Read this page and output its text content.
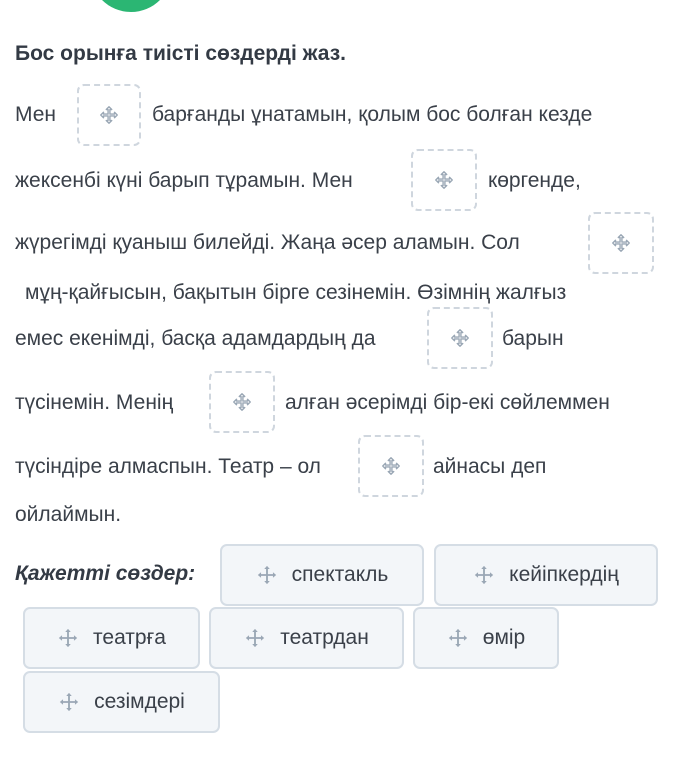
Бос орынға тиісті сөздерді жаз.
Мен	барғанды ұнатамын, қолым бос болған кезде
жексенбі күні барып тұрамын. Мен	көргенде,
жүрегімді қуаныш билейді. Жаңа әсер аламын. Сол
мұң-қайғысын, бақытын бірге сезінемін. Өзімнің жалғыз
емес екенімді, басқа адамдардың да	барын
түсінемін. Менің	алған әсерімді бір-екі сөйлеммен
түсіндіре алмаспын. Театр – ол	айнасы деп
ойлаймын.
Қажетті сөздер:	спектакль	кейіпкердің
театрға	театрдан	өмір
сезімдері
